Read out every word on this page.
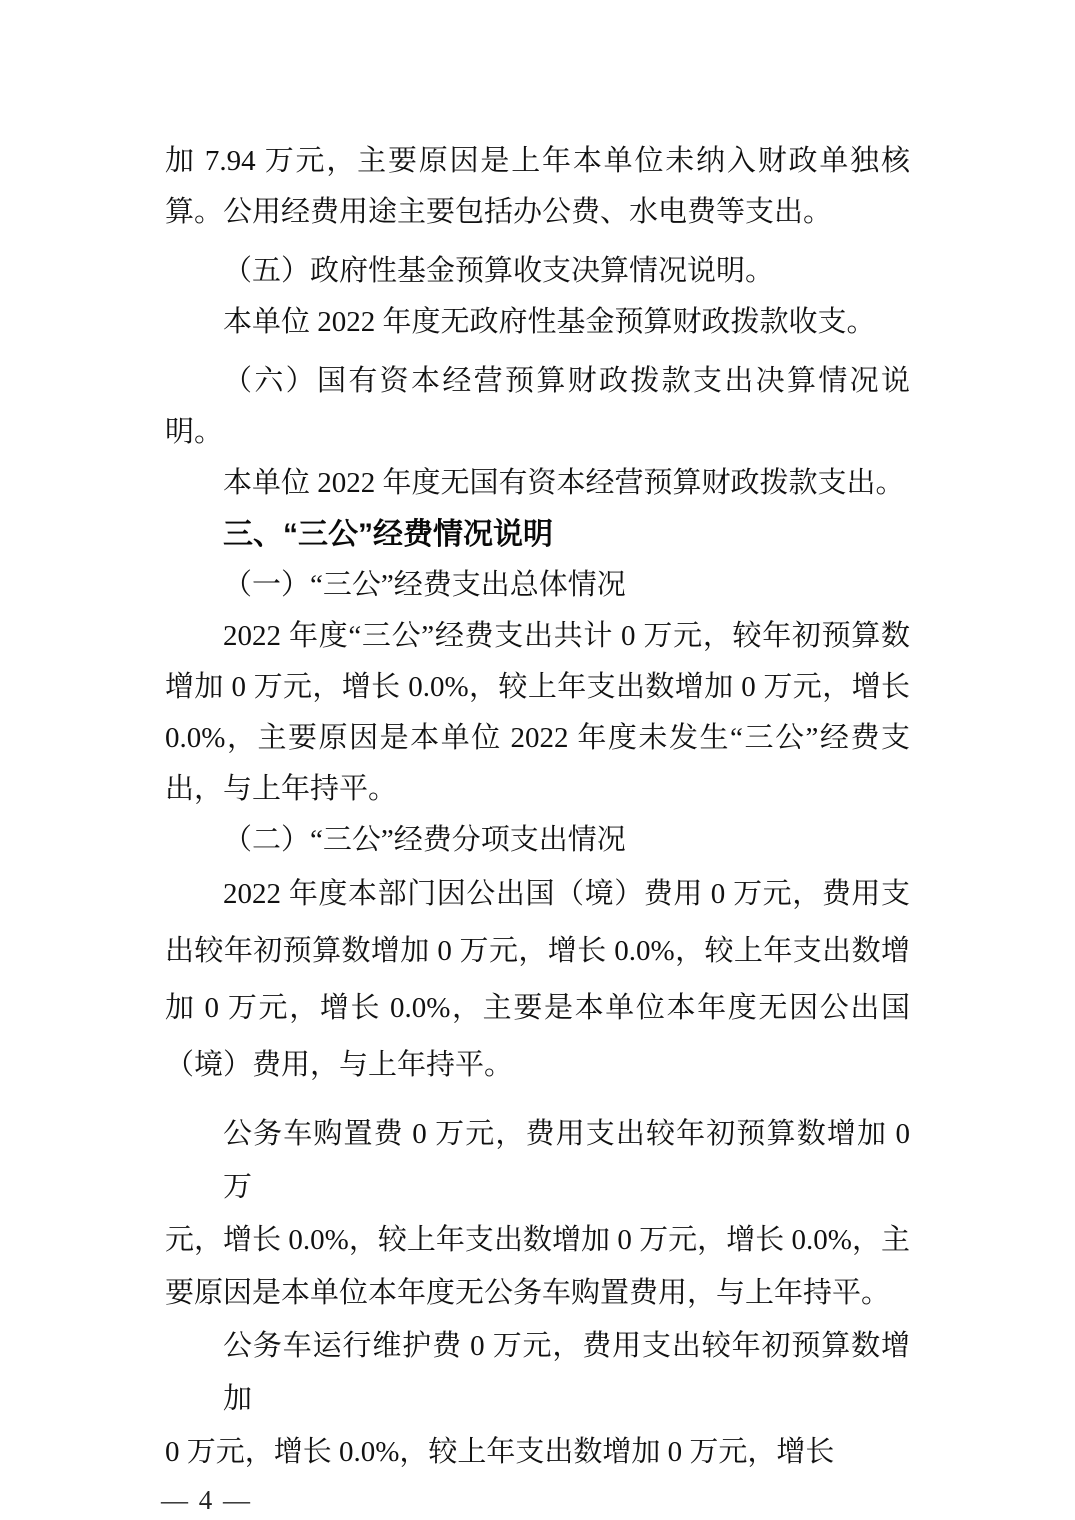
加 7.94 万元，主要原因是上年本单位未纳入财政单独核
算。公用经费用途主要包括办公费、水电费等支出。
（五）政府性基金预算收支决算情况说明。
本单位 2022 年度无政府性基金预算财政拨款收支。
（六）国有资本经营预算财政拨款支出决算情况说
明。
本单位 2022 年度无国有资本经营预算财政拨款支出。
三、“三公”经费情况说明
（一）“三公”经费支出总体情况
2022 年度“三公”经费支出共计 0 万元，较年初预算数
增加 0 万元，增长 0.0%，较上年支出数增加 0 万元，增长
0.0%，主要原因是本单位 2022 年度未发生“三公”经费支
出，与上年持平。
（二）“三公”经费分项支出情况
2022 年度本部门因公出国（境）费用 0 万元，费用支
出较年初预算数增加 0 万元，增长 0.0%，较上年支出数增
加 0 万元，增长 0.0%，主要是本单位本年度无因公出国
（境）费用，与上年持平。
公务车购置费 0 万元，费用支出较年初预算数增加 0 万
元，增长 0.0%，较上年支出数增加 0 万元，增长 0.0%，主
要原因是本单位本年度无公务车购置费用，与上年持平。
公务车运行维护费 0 万元，费用支出较年初预算数增加
0 万元，增长 0.0%，较上年支出数增加 0 万元，增长
— 4 —
